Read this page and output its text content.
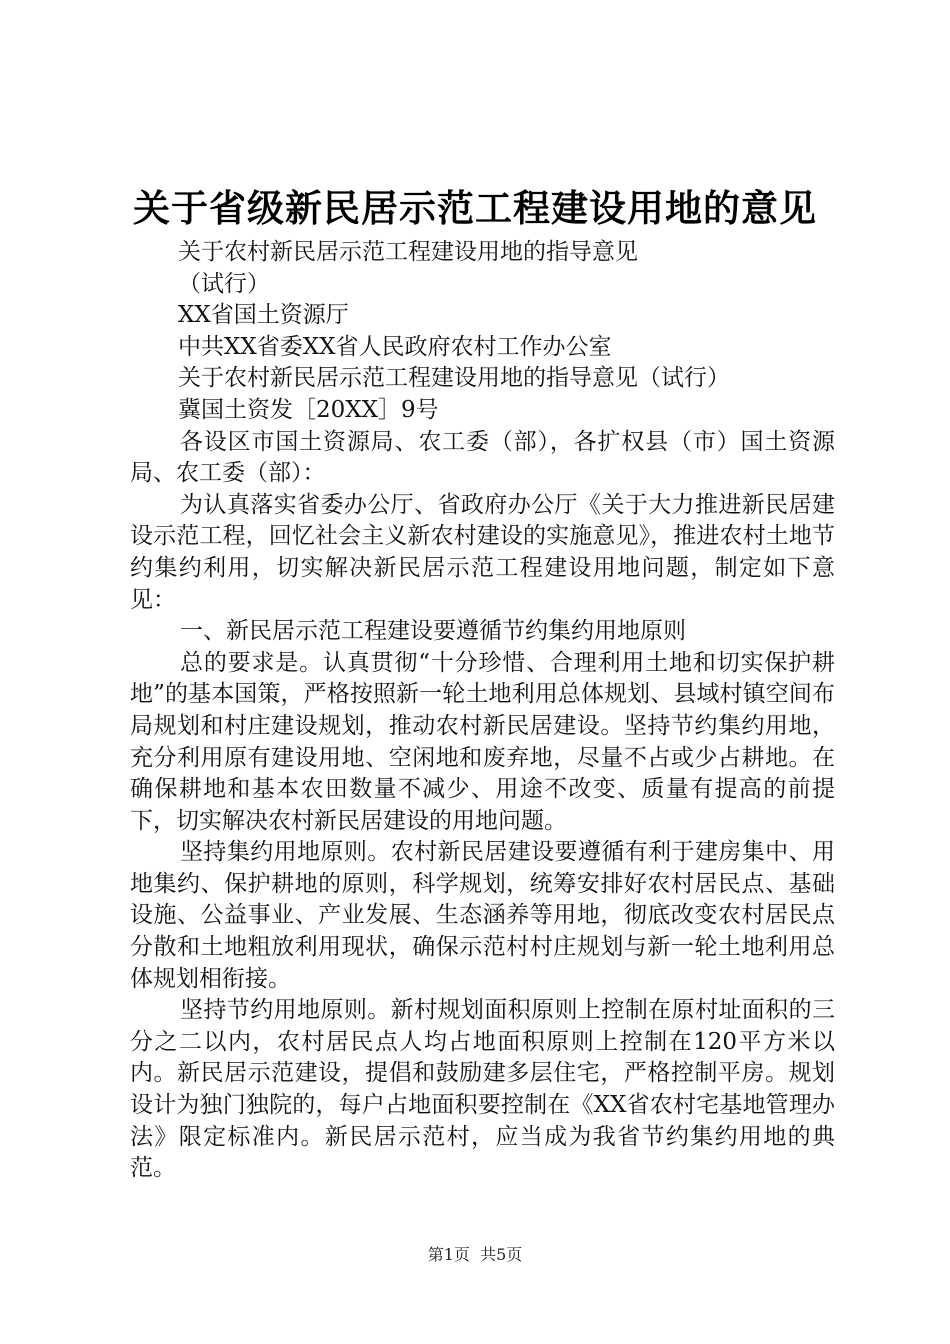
关于省级新民居示范工程建设用地的意见

关于农村新民居示范工程建设用地的指导意见

（试行）

XX省国土资源厅

中共XX省委XX省人民政府农村工作办公室

关于农村新民居示范工程建设用地的指导意见（试行）

冀国土资发［20XX］9号

各设区市国土资源局、农工委（部），各扩权县（市）国土资源局、农工委（部）：

为认真落实省委办公厅、省政府办公厅《关于大力推进新民居建设示范工程，回忆社会主义新农村建设的实施意见》，推进农村土地节约集约利用，切实解决新民居示范工程建设用地问题，制定如下意见：

一、新民居示范工程建设要遵循节约集约用地原则

总的要求是。认真贯彻“十分珍惜、合理利用土地和切实保护耕地”的基本国策，严格按照新一轮土地利用总体规划、县域村镇空间布局规划和村庄建设规划，推动农村新民居建设。坚持节约集约用地，充分利用原有建设用地、空闲地和废弃地，尽量不占或少占耕地。在确保耕地和基本农田数量不减少、用途不改变、质量有提高的前提下，切实解决农村新民居建设的用地问题。

坚持集约用地原则。农村新民居建设要遵循有利于建房集中、用地集约、保护耕地的原则，科学规划，统筹安排好农村居民点、基础设施、公益事业、产业发展、生态涵养等用地，彻底改变农村居民点分散和土地粗放利用现状，确保示范村村庄规划与新一轮土地利用总体规划相衔接。

坚持节约用地原则。新村规划面积原则上控制在原村址面积的三分之二以内，农村居民点人均占地面积原则上控制在120平方米以内。新民居示范建设，提倡和鼓励建多层住宅，严格控制平房。规划设计为独门独院的，每户占地面积要控制在《XX省农村宅基地管理办法》限定标准内。新民居示范村，应当成为我省节约集约用地的典范。

第1页 共5页
